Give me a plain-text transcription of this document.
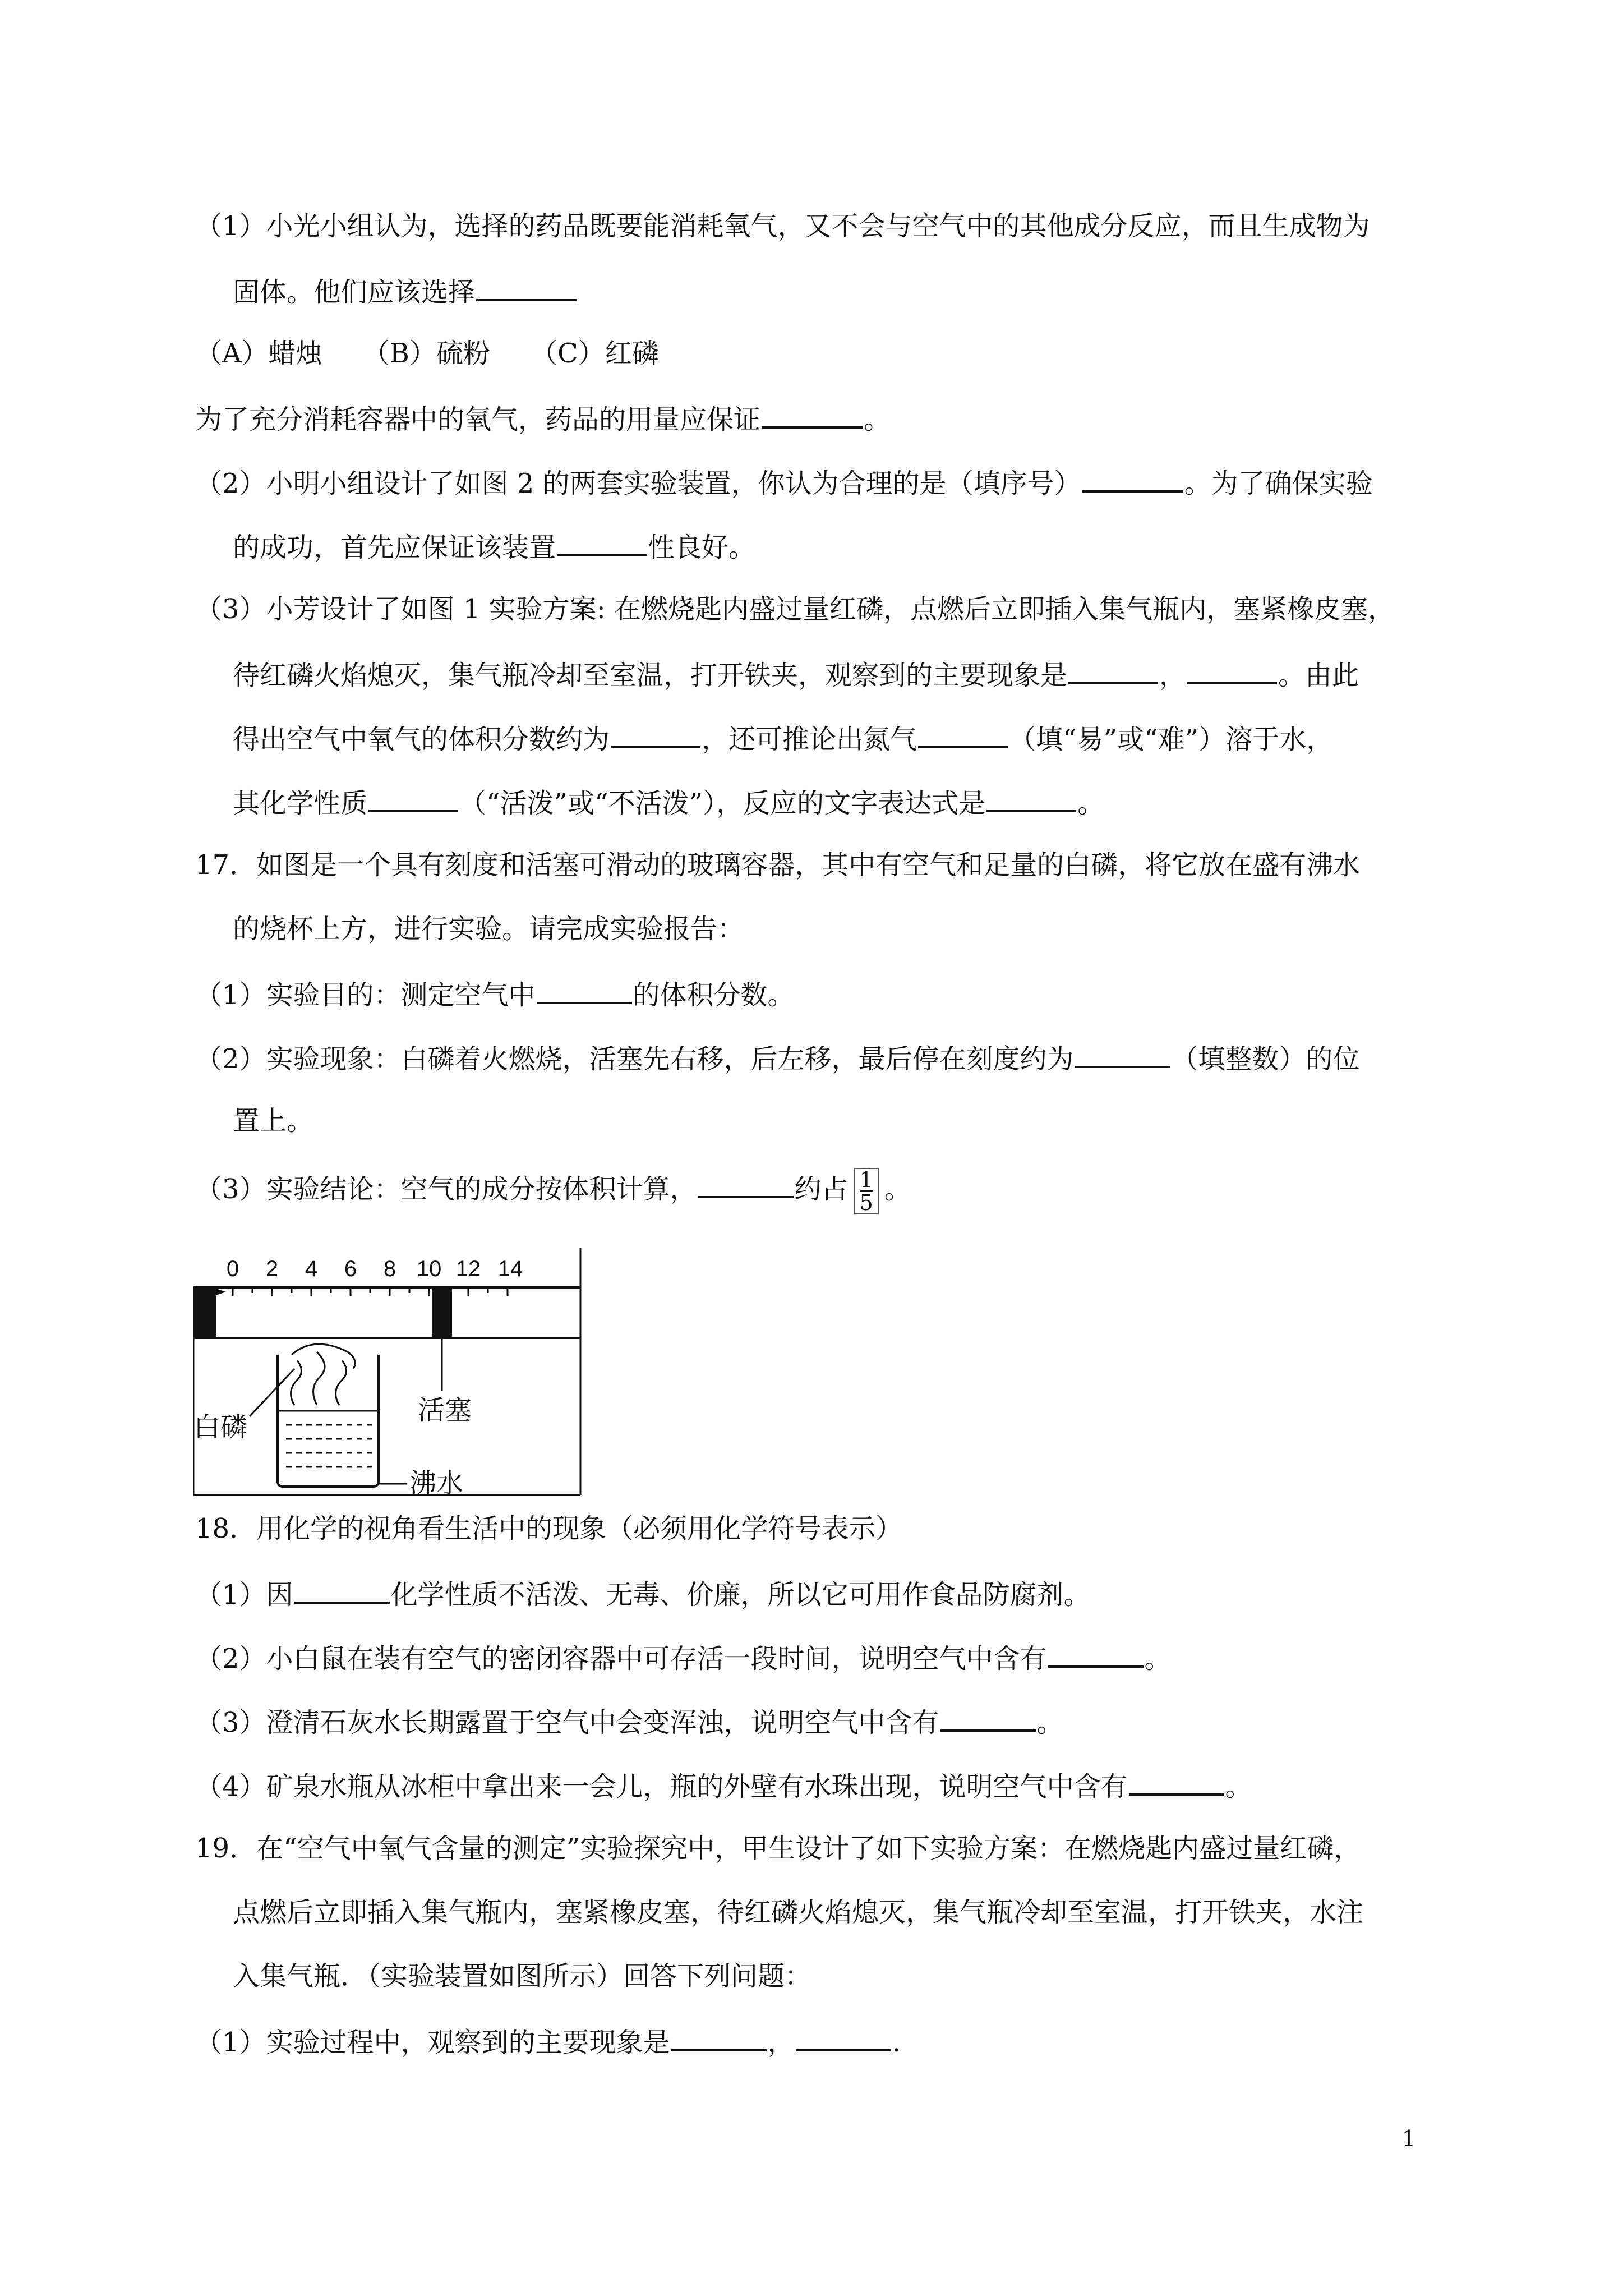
（1）小光小组认为，选择的药品既要能消耗氧气，又不会与空气中的其他成分反应，而且生成物为
固体。他们应该选择
（A）蜡烛　　（B）硫粉　　（C）红磷
为了充分消耗容器中的氧气，药品的用量应保证	。
（2）小明小组设计了如图 2 的两套实验装置，你认为合理的是（填序号）	。为了确保实验
的成功，首先应保证该装置	性良好。
（3）小芳设计了如图 1 实验方案: 在燃烧匙内盛过量红磷，点燃后立即插入集气瓶内，塞紧橡皮塞，
待红磷火焰熄灭，集气瓶冷却至室温，打开铁夹，观察到的主要现象是	，	。由此
得出空气中氧气的体积分数约为	，还可推论出氮气	（填“易”或“难”）溶于水，
其化学性质	（“活泼”或“不活泼”），反应的文字表达式是	。
17．如图是一个具有刻度和活塞可滑动的玻璃容器，其中有空气和足量的白磷，将它放在盛有沸水
的烧杯上方，进行实验。请完成实验报告：
（1）实验目的：测定空气中	的体积分数。
（2）实验现象：白磷着火燃烧，活塞先右移，后左移，最后停在刻度约为	（填整数）的位
置上。
（3）实验结论：空气的成分按体积计算，	约占 $\frac{1}{5}$ 。
0 2 4 6 8 10 12 14
白磷
活塞
沸水
18．用化学的视角看生活中的现象（必须用化学符号表示）
（1）因	化学性质不活泼、无毒、价廉，所以它可用作食品防腐剂。
（2）小白鼠在装有空气的密闭容器中可存活一段时间，说明空气中含有	。
（3）澄清石灰水长期露置于空气中会变浑浊，说明空气中含有	。
（4）矿泉水瓶从冰柜中拿出来一会儿，瓶的外壁有水珠出现，说明空气中含有	。
19．在“空气中氧气含量的测定”实验探究中，甲生设计了如下实验方案：在燃烧匙内盛过量红磷，
点燃后立即插入集气瓶内，塞紧橡皮塞，待红磷火焰熄灭，集气瓶冷却至室温，打开铁夹，水注
入集气瓶．（实验装置如图所示）回答下列问题：
（1）实验过程中，观察到的主要现象是	，	.
1
